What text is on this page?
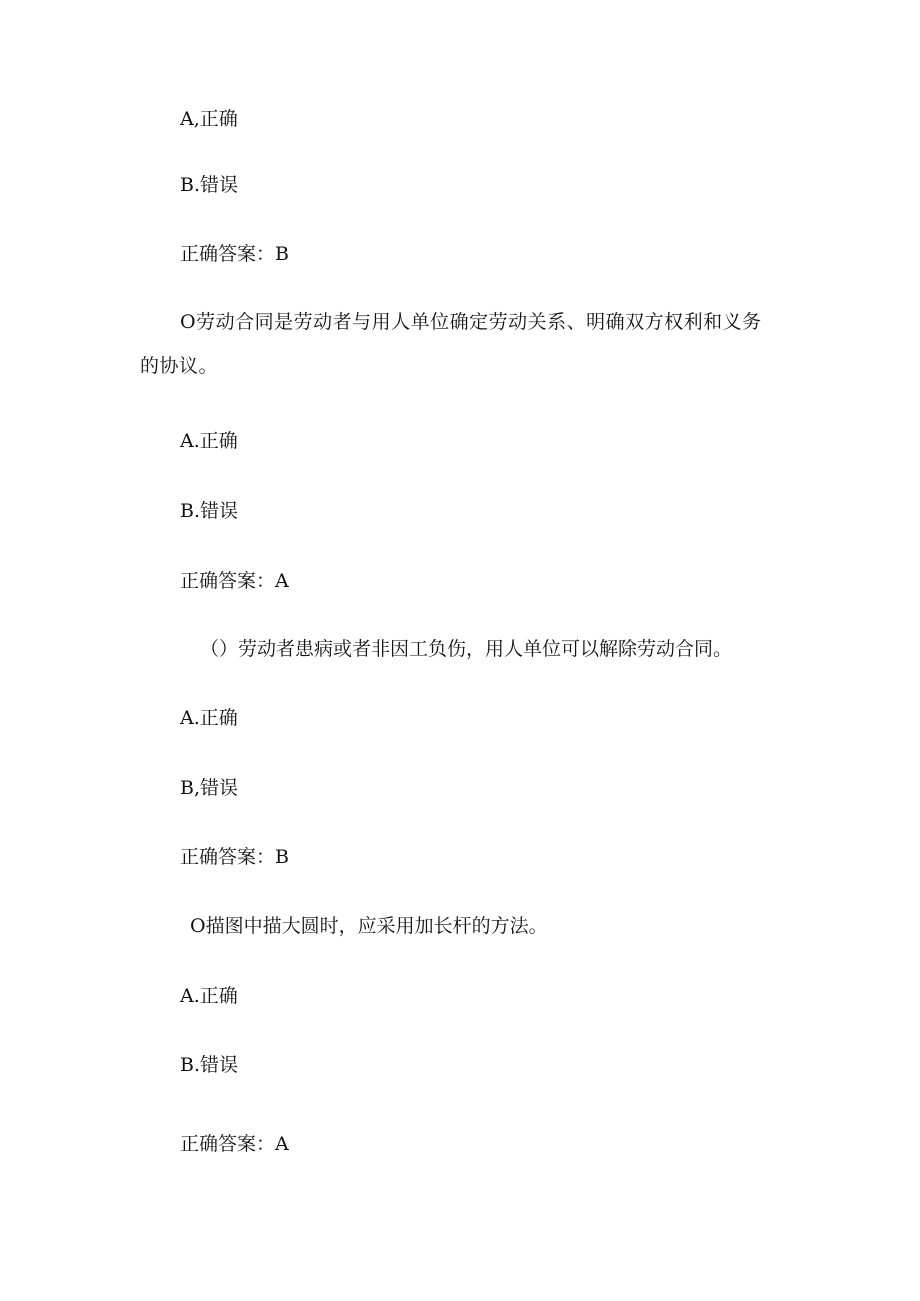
A,正确
B.错误
正确答案：B
O劳动合同是劳动者与用人单位确定劳动关系、明确双方权利和义务的协议。
A.正确
B.错误
正确答案：A
（）劳动者患病或者非因工负伤，用人单位可以解除劳动合同。
A.正确
B,错误
正确答案：B
O描图中描大圆时，应采用加长杆的方法。
A.正确
B.错误
正确答案：A
